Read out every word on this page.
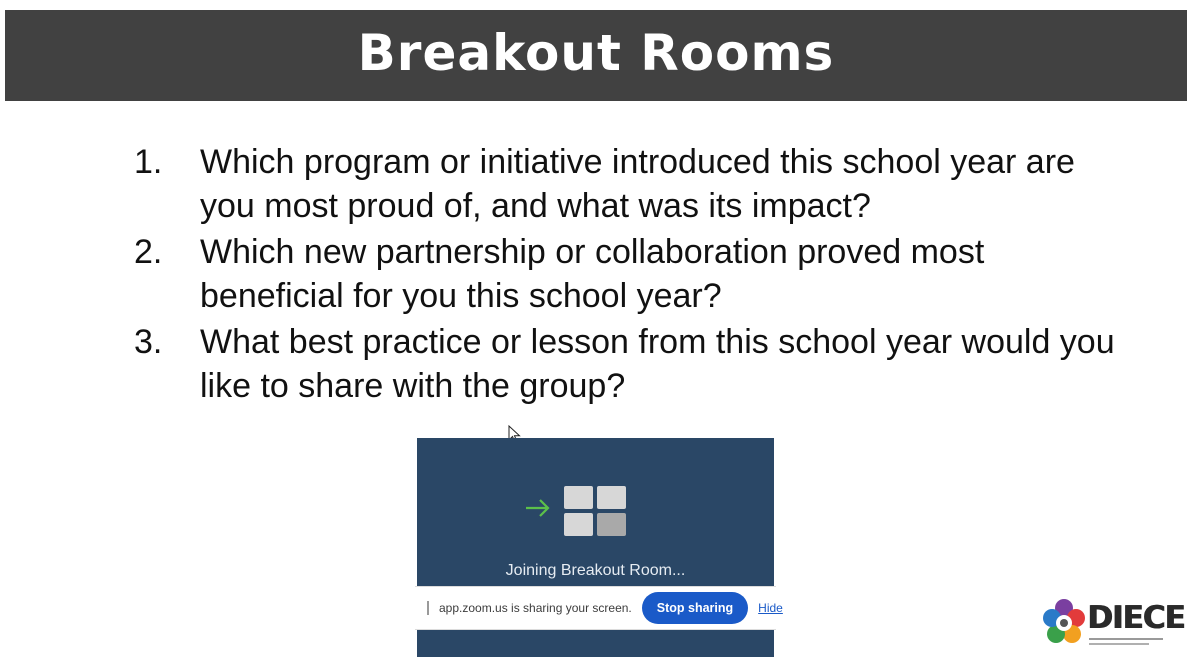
Breakout Rooms
1.	Which program or initiative introduced this school year are you most proud of, and what was its impact?
2.	Which new partnership or collaboration proved most beneficial for you this school year?
3.	What best practice or lesson from this school year would you like to share with the group?
Joining Breakout Room...
app.zoom.us is sharing your screen.	Stop sharing	Hide	DIECE
